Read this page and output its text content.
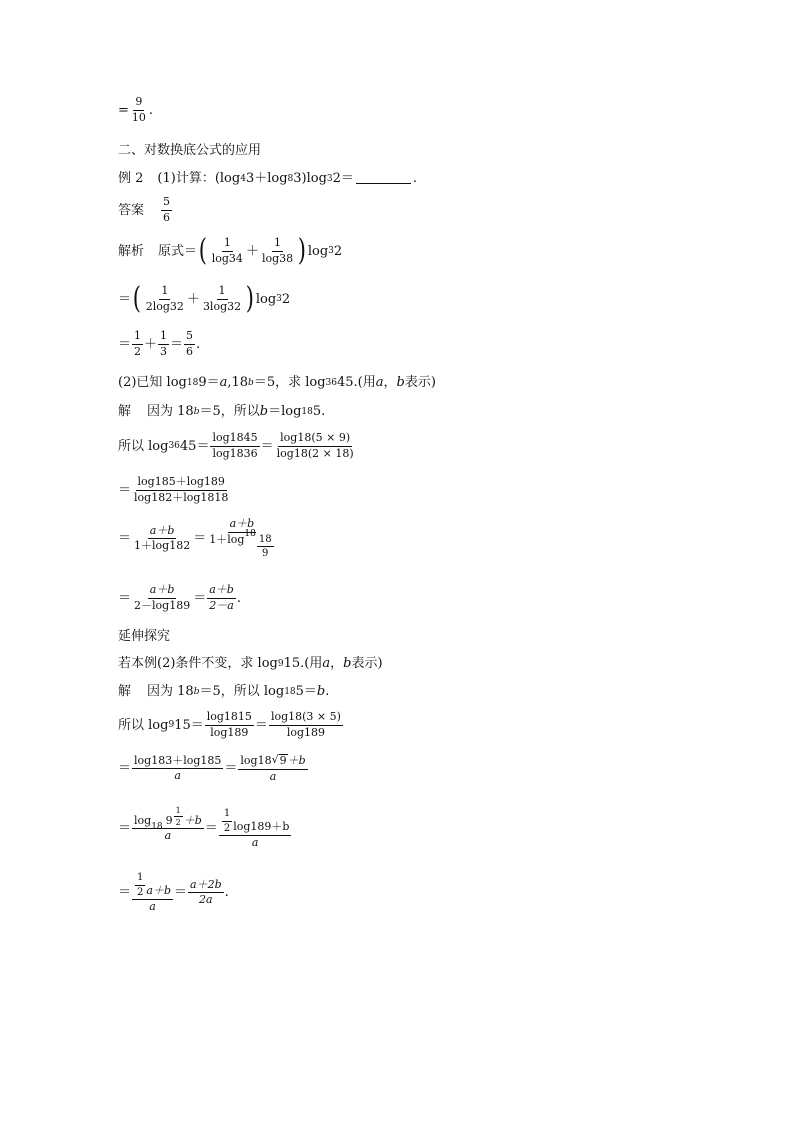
= $\frac{9}{10}$ .
二、对数换底公式的应用
例 2 (1)计算：(log 4 3＋log 8 3)log 3 2＝	.
答案 $\frac{5}{6}$
解析 原式＝ ( $\frac{1}{\log 34} + \frac{1}{\log 38}$ ) log 3 2
＝ ( $\frac{1}{2\log 32} + \frac{1}{3\log 32}$ ) log 3 2
＝ $\frac{1}{2} + \frac{1}{3} = \frac{5}{6}$ .
(2)已知 log 18 9＝ a ,18 b ＝5，求 log 36 45.(用 a ， b 表示)
解 因为 18 b ＝5，所以 b ＝log 18 5.
所以 log 36 $45= \frac{\log 1845}{\log 1836} = \frac{\log 18(5 \times 9)}{\log 18(2 \times 18)}$
＝ $\frac{\log 185+\log 189}{\log 182+\log 1818}$
＝ $\frac{a+b}{1+\log 182} = \frac{a+b}{1+\log 18 \frac{18}{9}}$
＝ $\frac{a+b}{2-\log 189} = \frac{a+b}{2-a}$ .
延伸探究
若本例(2)条件不变，求 log 9 15.(用 a ， b 表示)
解 因为 18 b ＝5，所以 log 18 5＝ b .
所以 log 9 $15= \frac{\log 1815}{\log 189} = \frac{\log 18(3 \times 5)}{\log 189}$
＝ $\frac{\log 183+\log 185}{a} = \frac{\log 18 √ 9 +b}{a}$
＝ log
18
$9 \frac{1}{2} +b$
$a = \frac{\frac{1}{2} \log 189+b}{a}$
＝ $\frac{\frac{1}{2} a+b}{a} = \frac{a+2b}{2a}$ .
